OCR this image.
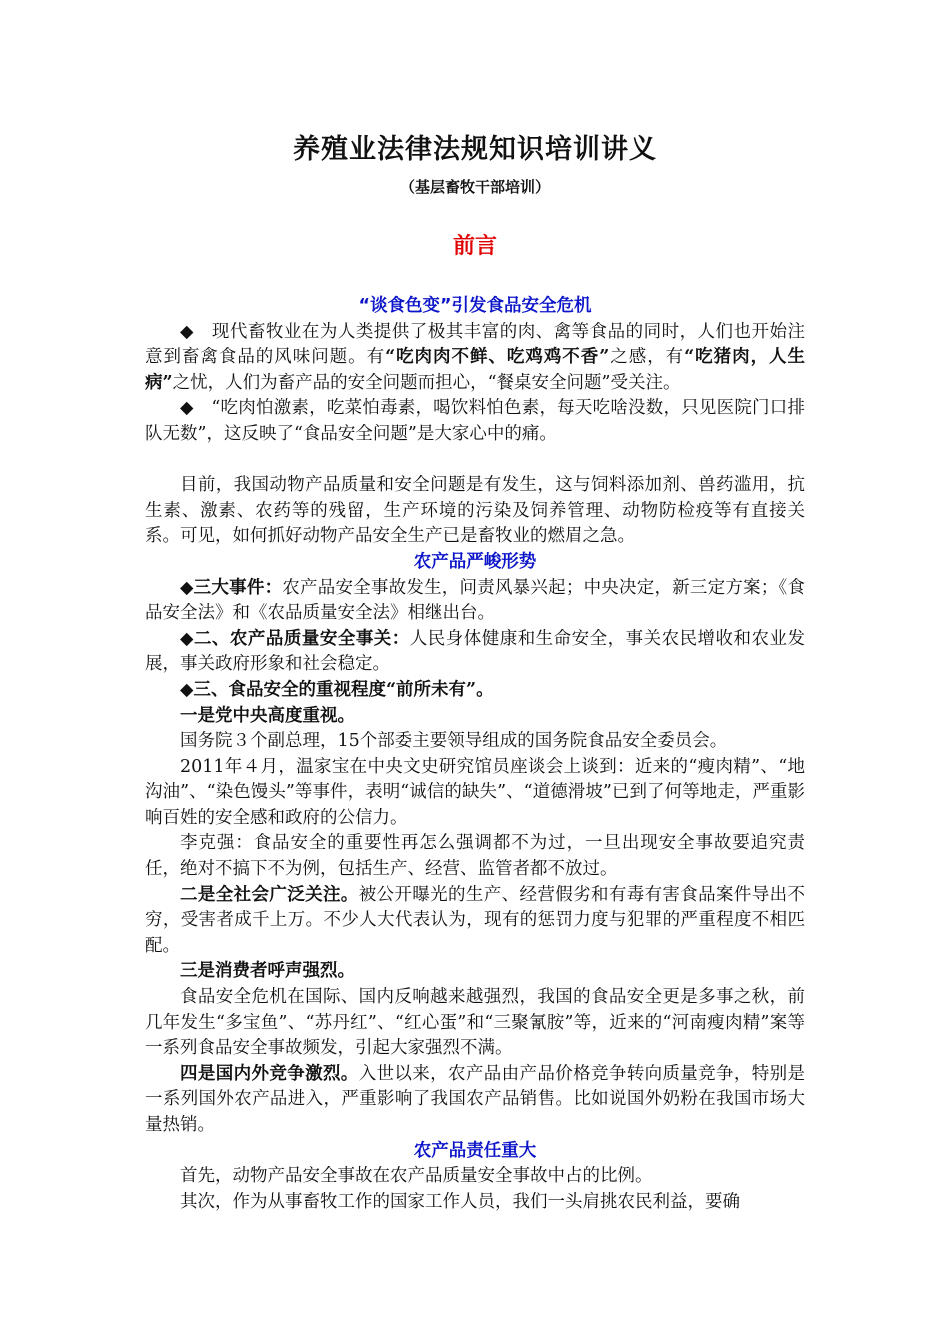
养殖业法律法规知识培训讲义
（基层畜牧干部培训）
前言

“谈食色变”引发食品安全危机

◆　现代畜牧业在为人类提供了极其丰富的肉、禽等食品的同时，人们也开始注意到畜禽食品的风味问题。有“吃肉肉不鲜、吃鸡鸡不香”之感，有“吃猪肉，人生病”之忧，人们为畜产品的安全问题而担心，“餐桌安全问题”受关注。

◆　“吃肉怕激素，吃菜怕毒素，喝饮料怕色素，每天吃啥没数，只见医院门口排队无数”，这反映了“食品安全问题”是大家心中的痛。

目前，我国动物产品质量和安全问题是有发生，这与饲料添加剂、兽药滥用，抗生素、激素、农药等的残留，生产环境的污染及饲养管理、动物防检疫等有直接关系。可见，如何抓好动物产品安全生产已是畜牧业的燃眉之急。

农产品严峻形势

◆三大事件：农产品安全事故发生，问责风暴兴起；中央决定，新三定方案；《食品安全法》和《农品质量安全法》相继出台。

◆二、农产品质量安全事关：人民身体健康和生命安全，事关农民增收和农业发展，事关政府形象和社会稳定。

◆三、食品安全的重视程度“前所未有”。

一是党中央高度重视。

国务院３个副总理，15个部委主要领导组成的国务院食品安全委员会。

2011年４月，温家宝在中央文史研究馆员座谈会上谈到：近来的“瘦肉精”、“地沟油”、“染色馒头”等事件，表明“诚信的缺失”、“道德滑坡”已到了何等地走，严重影响百姓的安全感和政府的公信力。

李克强：食品安全的重要性再怎么强调都不为过，一旦出现安全事故要追究责任，绝对不搞下不为例，包括生产、经营、监管者都不放过。

二是全社会广泛关注。被公开曝光的生产、经营假劣和有毒有害食品案件导出不穷，受害者成千上万。不少人大代表认为，现有的惩罚力度与犯罪的严重程度不相匹配。

三是消费者呼声强烈。

食品安全危机在国际、国内反响越来越强烈，我国的食品安全更是多事之秋，前几年发生“多宝鱼”、“苏丹红”、“红心蛋”和“三聚氰胺”等，近来的“河南瘦肉精”案等一系列食品安全事故频发，引起大家强烈不满。

四是国内外竞争激烈。入世以来，农产品由产品价格竞争转向质量竞争，特别是一系列国外农产品进入，严重影响了我国农产品销售。比如说国外奶粉在我国市场大量热销。

农产品责任重大

首先，动物产品安全事故在农产品质量安全事故中占的比例。

其次，作为从事畜牧工作的国家工作人员，我们一头肩挑农民利益，要确
